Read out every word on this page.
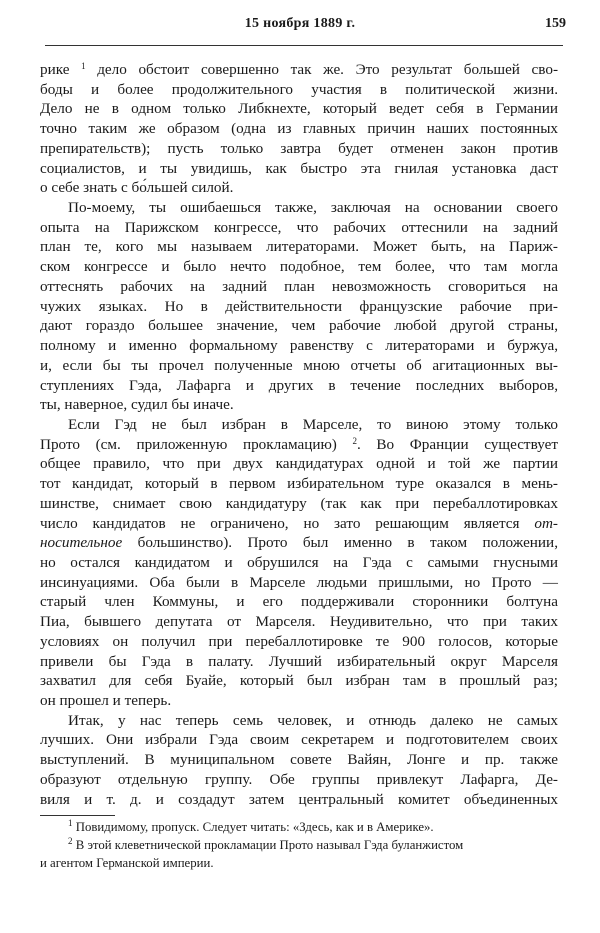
15 ноября 1889 г.	159
рике $^1$ дело обстоит совершенно так же. Это результат большей сво-
боды и более продолжительного участия в политической жизни.
Дело не в одном только Либкнехте, который ведет себя в Германии
точно таким же образом (одна из главных причин наших постоянных
препирательств); пусть только завтра будет отменен закон против
социалистов, и ты увидишь, как быстро эта гнилая установка даст
о себе знать с бо́льшей силой.
По-моему, ты ошибаешься также, заключая на основании своего
опыта на Парижском конгрессе, что рабочих оттеснили на задний
план те, кого мы называем литераторами. Может быть, на Париж-
ском конгрессе и было нечто подобное, тем более, что там могла
оттеснять рабочих на задний план невозможность сговориться на
чужих языках. Но в действительности французские рабочие при-
дают гораздо большее значение, чем рабочие любой другой страны,
полному и именно формальному равенству с литераторами и буржуа,
и, если бы ты прочел полученные мною отчеты об агитационных вы-
ступлениях Гэда, Лафарга и других в течение последних выборов,
ты, наверное, судил бы иначе.
Если Гэд не был избран в Марселе, то виною этому только
Прото (см. приложенную прокламацию) $^2$. Во Франции существует
общее правило, что при двух кандидатурах одной и той же партии
тот кандидат, который в первом избирательном туре оказался в мень-
шинстве, снимает свою кандидатуру (так как при перебаллотировках
число кандидатов не ограничено, но зато решающим является от-
носительное большинство). Прото был именно в таком положении,
но остался кандидатом и обрушился на Гэда с самыми гнусными
инсинуациями. Оба были в Марселе людьми пришлыми, но Прото —
старый член Коммуны, и его поддерживали сторонники болтуна
Пиа, бывшего депутата от Марселя. Неудивительно, что при таких
условиях он получил при перебаллотировке те 900 голосов, которые
привели бы Гэда в палату. Лучший избирательный округ Марселя
захватил для себя Буайе, который был избран там в прошлый раз;
он прошел и теперь.
Итак, у нас теперь семь человек, и отнюдь далеко не самых
лучших. Они избрали Гэда своим секретарем и подготовителем своих
выступлений. В муниципальном совете Вайян, Лонге и пр. также
образуют отдельную группу. Обе группы привлекут Лафарга, Де-
виля и т. д. и создадут затем центральный комитет объединенных
$^1$ Повидимому, пропуск. Следует читать: «Здесь, как и в Америке».
$^2$ В этой клеветнической прокламации Прото называл Гэда буланжистом
и агентом Германской империи.
